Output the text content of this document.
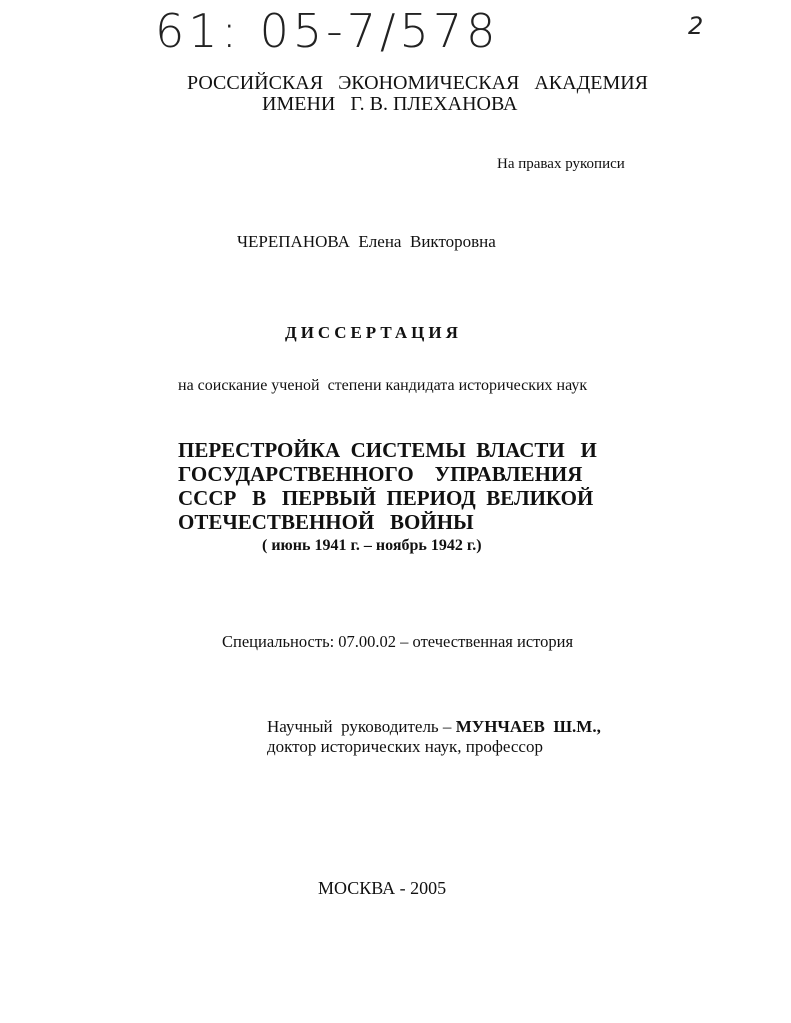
61: 05-7/578	2
РОССИЙСКАЯ   ЭКОНОМИЧЕСКАЯ   АКАДЕМИЯ
ИМЕНИ   Г. В. ПЛЕХАНОВА
На правах рукописи
ЧЕРЕПАНОВА  Елена  Викторовна
ДИССЕРТАЦИЯ
на соискание ученой  степени кандидата исторических наук
ПЕРЕСТРОЙКА  СИСТЕМЫ  ВЛАСТИ   И
ГОСУДАРСТВЕННОГО    УПРАВЛЕНИЯ
СССР   В   ПЕРВЫЙ  ПЕРИОД  ВЕЛИКОЙ
ОТЕЧЕСТВЕННОЙ   ВОЙНЫ
( июнь 1941 г. – ноябрь 1942 г.)
Специальность: 07.00.02 – отечественная история
Научный  руководитель – МУНЧАЕВ  Ш.М.,
доктор исторических наук, профессор
МОСКВА - 2005
